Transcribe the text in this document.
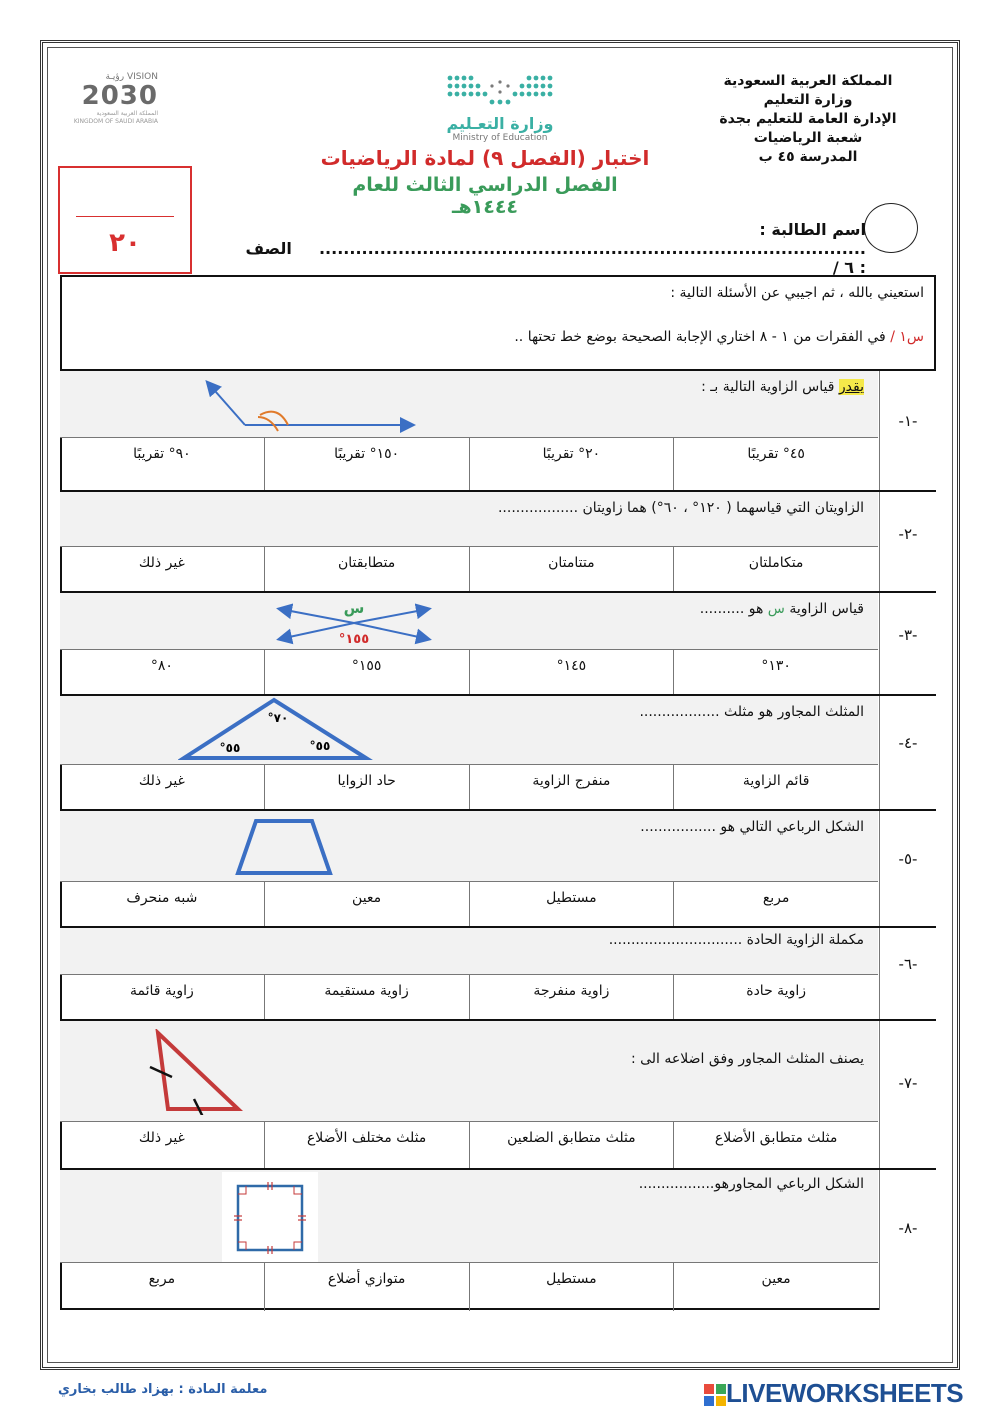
VISION رؤيـة
2030
المملكة العربية السعودية KINGDOM OF SAUDI ARABIA	وزارة التعـليم
Ministry of Education
المملكة العربية السعودية
وزارة التعليم
الإدارة العامة للتعليم بجدة
شعبة الرياضيات
المدرسة ٤٥ ب
اختبار (الفصل ٩) لمادة الرياضيات
الفصل الدراسي الثالث للعام ١٤٤٤هـ
٢٠	اسم الطالبة : ..........................................................................................  الصف : ٦ /
استعيني بالله ، ثم اجيبي عن الأسئلة التالية :
س١ / في الفقرات من ١ - ٨ اختاري الإجابة الصحيحة بوضع خط تحتها ..
يقدر قياس الزاوية التالية بـ :
-١-
٤٥° تقريبًا
٢٠° تقريبًا
١٥٠° تقريبًا
٩٠° تقريبًا
الزاويتان التي قياسهما ( ١٢٠° ، ٦٠°) هما زاويتان ..................
-٢-
متكاملتان
متتامتان
متطابقتان
غير ذلك
قياس الزاوية س هو ..........
س
١٥٥°	-٣-
١٣٠°
١٤٥°
١٥٥°
٨٠°
المثلث المجاور هو مثلث ..................
٧٠°
٥٥°	٥٥°	-٤-
قائم الزاوية
منفرج الزاوية
حاد الزوايا
غير ذلك
الشكل الرباعي التالي هو .................
-٥-
مربع
مستطيل
معين
شبه منحرف
مكملة الزاوية الحادة ..............................
-٦-
زاوية حادة
زاوية منفرجة
زاوية مستقيمة
زاوية قائمة
يصنف المثلث المجاور وفق اضلاعه الى :
-٧-
مثلث متطابق الأضلاع
مثلث متطابق الضلعين
مثلث مختلف الأضلاع
غير ذلك
الشكل الرباعي المجاورهو.................
-٨-
معين
مستطيل
متوازي أضلاع
مربع
معلمة المادة : بهزاد طالب بخاري	LIVEWORKSHEETS
